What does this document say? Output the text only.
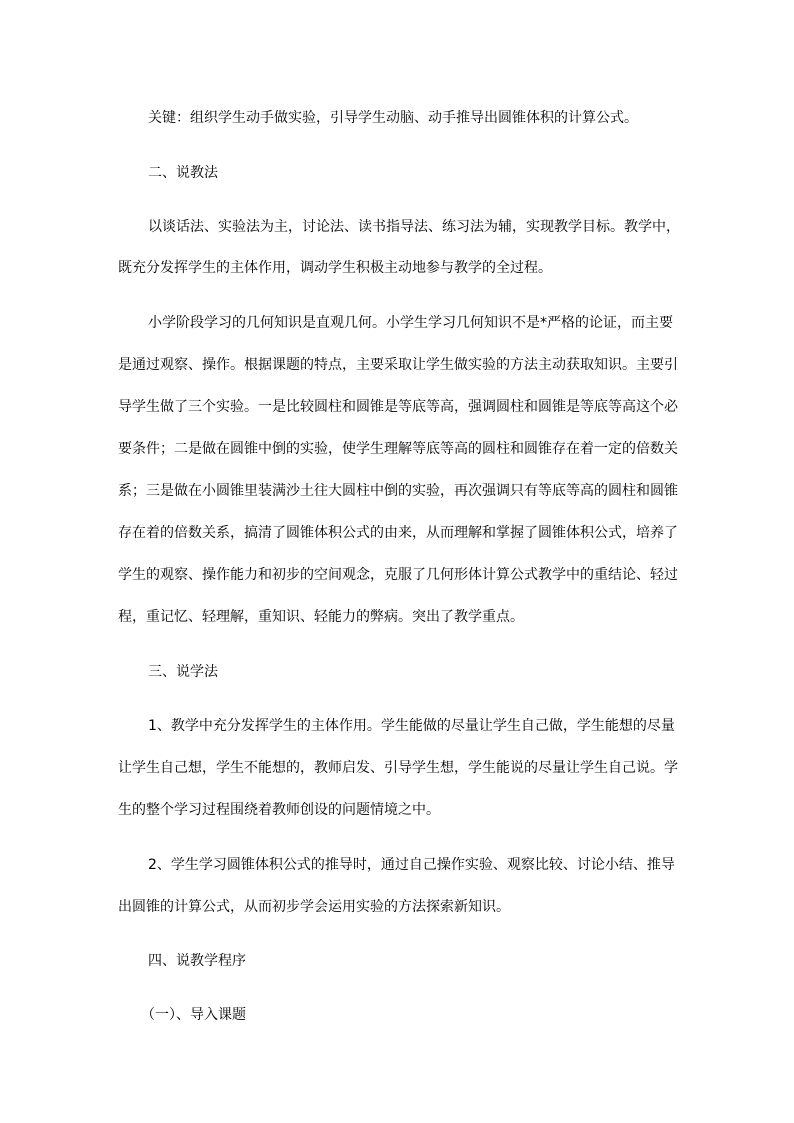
关键：组织学生动手做实验，引导学生动脑、动手推导出圆锥体积的计算公式。
二、说教法
以谈话法、实验法为主，讨论法、读书指导法、练习法为辅，实现教学目标。教学中，
既充分发挥学生的主体作用，调动学生积极主动地参与教学的全过程。
小学阶段学习的几何知识是直观几何。小学生学习几何知识不是*严格的论证，而主要
是通过观察、操作。根据课题的特点，主要采取让学生做实验的方法主动获取知识。主要引
导学生做了三个实验。一是比较圆柱和圆锥是等底等高，强调圆柱和圆锥是等底等高这个必
要条件；二是做在圆锥中倒的实验，使学生理解等底等高的圆柱和圆锥存在着一定的倍数关
系；三是做在小圆锥里装满沙土往大圆柱中倒的实验，再次强调只有等底等高的圆柱和圆锥
存在着的倍数关系，搞清了圆锥体积公式的由来，从而理解和掌握了圆锥体积公式，培养了
学生的观察、操作能力和初步的空间观念，克服了几何形体计算公式教学中的重结论、轻过
程，重记忆、轻理解，重知识、轻能力的弊病。突出了教学重点。
三、说学法
1、教学中充分发挥学生的主体作用。学生能做的尽量让学生自己做，学生能想的尽量
让学生自己想，学生不能想的，教师启发、引导学生想，学生能说的尽量让学生自己说。学
生的整个学习过程围绕着教师创设的问题情境之中。
2、学生学习圆锥体积公式的推导时，通过自己操作实验、观察比较、讨论小结、推导
出圆锥的计算公式，从而初步学会运用实验的方法探索新知识。
四、说教学程序
（一）、导入课题
